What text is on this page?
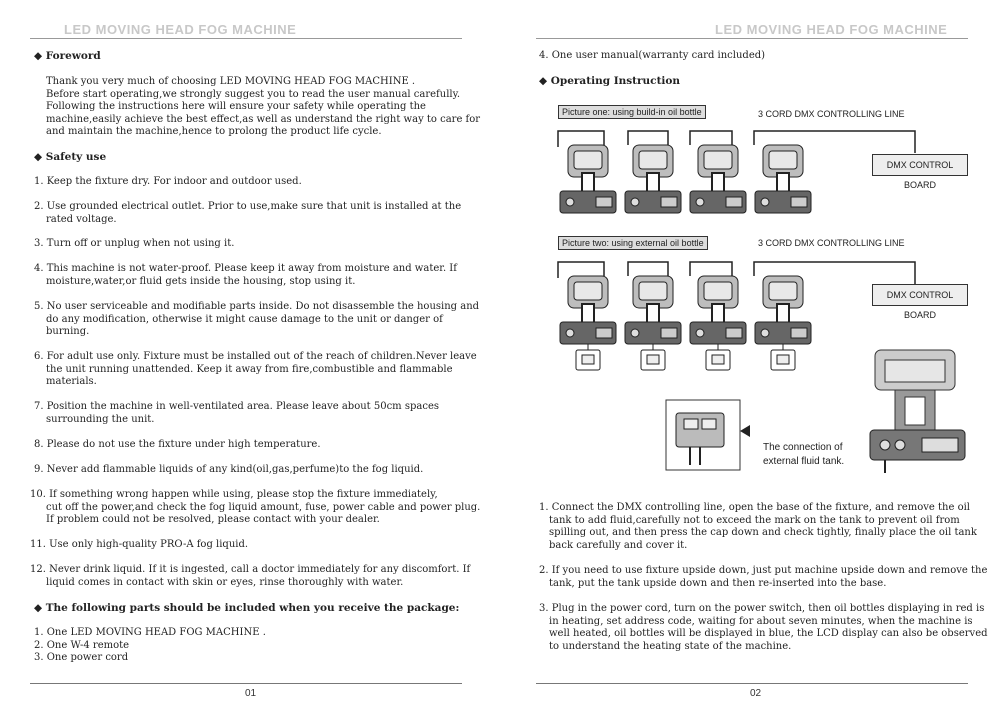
LED MOVING HEAD FOG MACHINE
◆ Foreword
Thank you very much of choosing LED MOVING HEAD FOG MACHINE .
Before start operating,we strongly suggest you to read the user manual carefully.
Following the instructions here will ensure your safety while operating the
machine,easily achieve the best effect,as well as understand the right way to care for
and maintain the machine,hence to prolong the product life cycle.
◆ Safety use
1. Keep the fixture dry. For indoor and outdoor used.
2. Use grounded electrical outlet. Prior to use,make sure that unit is installed at the
rated voltage.
3. Turn off or unplug when not using it.
4. This machine is not water-proof. Please keep it away from moisture and water. If
moisture,water,or fluid gets inside the housing, stop using it.
5. No user serviceable and modifiable parts inside. Do not disassemble the housing and
do any modification, otherwise it might cause damage to the unit or danger of
burning.
6. For adult use only. Fixture must be installed out of the reach of children.Never leave
the unit running unattended. Keep it away from fire,combustible and flammable
materials.
7. Position the machine in well-ventilated area. Please leave about 50cm spaces
surrounding the unit.
8. Please do not use the fixture under high temperature.
9. Never add flammable liquids of any kind(oil,gas,perfume)to the fog liquid.
10. If something wrong happen while using, please stop the fixture immediately,
cut off the power,and check the fog liquid amount, fuse, power cable and power plug.
If problem could not be resolved, please contact with your dealer.
11. Use only high-quality PRO-A fog liquid.
12. Never drink liquid. If it is ingested, call a doctor immediately for any discomfort. If
liquid comes in contact with skin or eyes, rinse thoroughly with water.
◆ The following parts should be included when you receive the package:
1. One LED MOVING HEAD FOG MACHINE .
2. One W-4 remote
3. One power cord
01
LED MOVING HEAD FOG MACHINE
4. One user manual(warranty card included)
◆ Operating Instruction
Picture one: using build-in oil bottle	3 CORD DMX CONTROLLING LINE
DMX CONTROL BOARD
Picture two: using external oil bottle	3 CORD DMX CONTROLLING LINE
DMX CONTROL BOARD
The connection of
external fluid tank.
1. Connect the DMX controlling line, open the base of the fixture, and remove the oil
tank to add fluid,carefully not to exceed the mark on the tank to prevent oil from
spilling out, and then press the cap down and check tightly, finally place the oil tank
back carefully and cover it.
2. If you need to use fixture upside down, just put machine upside down and remove the
tank, put the tank upside down and then re-inserted into the base.
3. Plug in the power cord, turn on the power switch, then oil bottles displaying in red is
in heating, set address code, waiting for about seven minutes, when the machine is
well heated, oil bottles will be displayed in blue, the LCD display can also be observed
to understand the heating state of the machine.
02
